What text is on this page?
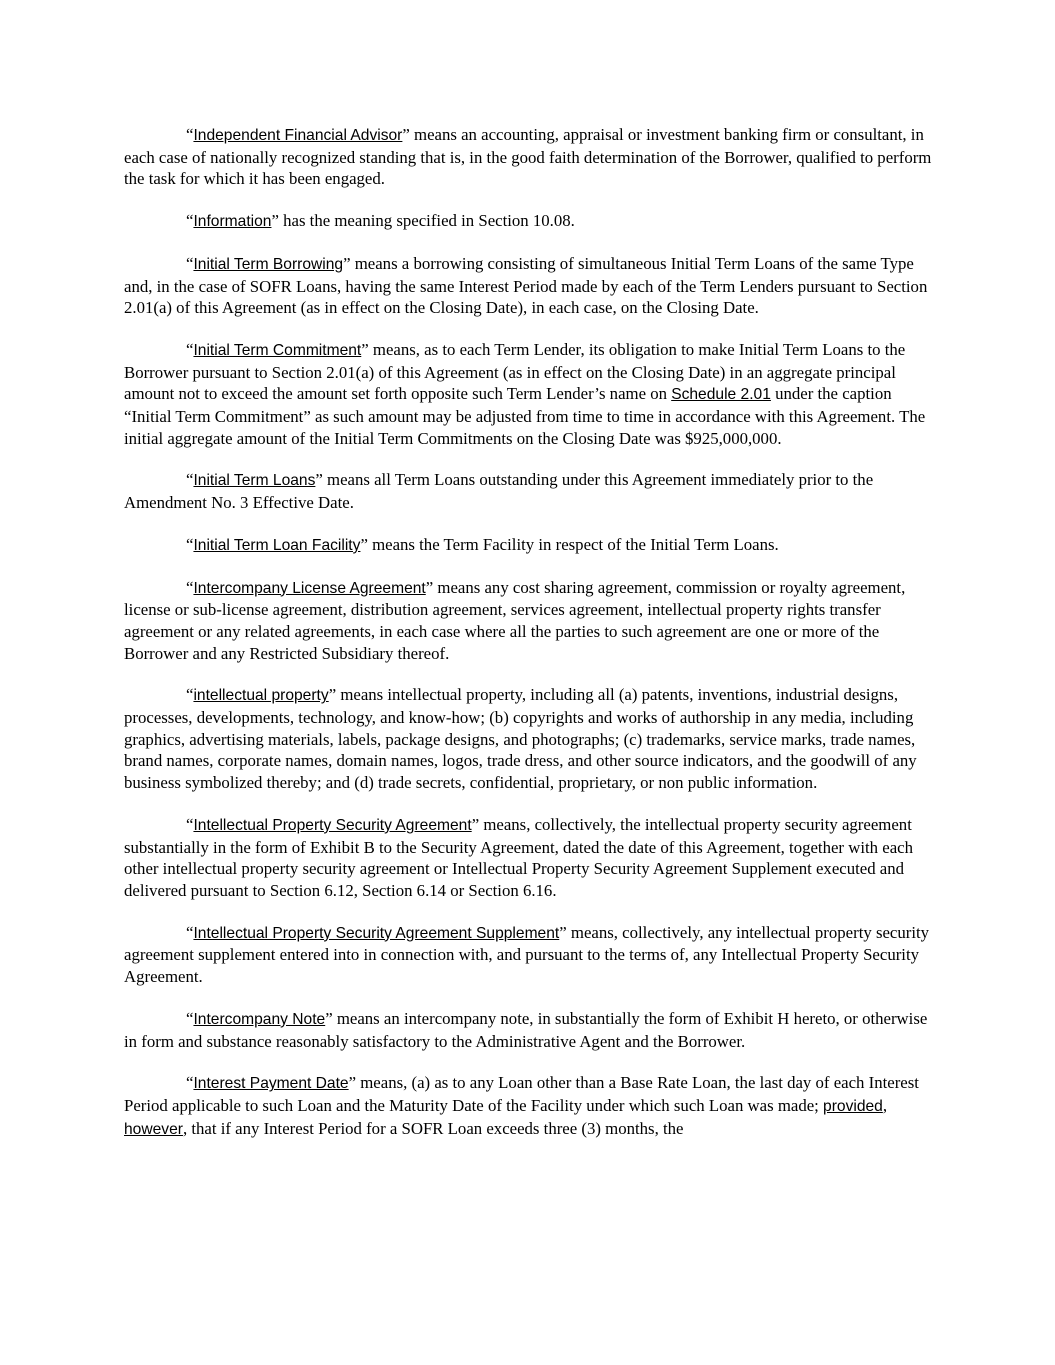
“Independent Financial Advisor” means an accounting, appraisal or investment banking firm or consultant, in each case of nationally recognized standing that is, in the good faith determination of the Borrower, qualified to perform the task for which it has been engaged.

“Information” has the meaning specified in Section 10.08.

“Initial Term Borrowing” means a borrowing consisting of simultaneous Initial Term Loans of the same Type and, in the case of SOFR Loans, having the same Interest Period made by each of the Term Lenders pursuant to Section 2.01(a) of this Agreement (as in effect on the Closing Date), in each case, on the Closing Date.

“Initial Term Commitment” means, as to each Term Lender, its obligation to make Initial Term Loans to the Borrower pursuant to Section 2.01(a) of this Agreement (as in effect on the Closing Date) in an aggregate principal amount not to exceed the amount set forth opposite such Term Lender’s name on Schedule 2.01 under the caption “Initial Term Commitment” as such amount may be adjusted from time to time in accordance with this Agreement. The initial aggregate amount of the Initial Term Commitments on the Closing Date was $925,000,000.

“Initial Term Loans” means all Term Loans outstanding under this Agreement immediately prior to the Amendment No. 3 Effective Date.

“Initial Term Loan Facility” means the Term Facility in respect of the Initial Term Loans.

“Intercompany License Agreement” means any cost sharing agreement, commission or royalty agreement, license or sub-license agreement, distribution agreement, services agreement, intellectual property rights transfer agreement or any related agreements, in each case where all the parties to such agreement are one or more of the Borrower and any Restricted Subsidiary thereof.

“intellectual property” means intellectual property, including all (a) patents, inventions, industrial designs, processes, developments, technology, and know-how; (b) copyrights and works of authorship in any media, including graphics, advertising materials, labels, package designs, and photographs; (c) trademarks, service marks, trade names, brand names, corporate names, domain names, logos, trade dress, and other source indicators, and the goodwill of any business symbolized thereby; and (d) trade secrets, confidential, proprietary, or non public information.

“Intellectual Property Security Agreement” means, collectively, the intellectual property security agreement substantially in the form of Exhibit B to the Security Agreement, dated the date of this Agreement, together with each other intellectual property security agreement or Intellectual Property Security Agreement Supplement executed and delivered pursuant to Section 6.12, Section 6.14 or Section 6.16.

“Intellectual Property Security Agreement Supplement” means, collectively, any intellectual property security agreement supplement entered into in connection with, and pursuant to the terms of, any Intellectual Property Security Agreement.

“Intercompany Note” means an intercompany note, in substantially the form of Exhibit H hereto, or otherwise in form and substance reasonably satisfactory to the Administrative Agent and the Borrower.

“Interest Payment Date” means, (a) as to any Loan other than a Base Rate Loan, the last day of each Interest Period applicable to such Loan and the Maturity Date of the Facility under which such Loan was made; provided, however, that if any Interest Period for a SOFR Loan exceeds three (3) months, the
